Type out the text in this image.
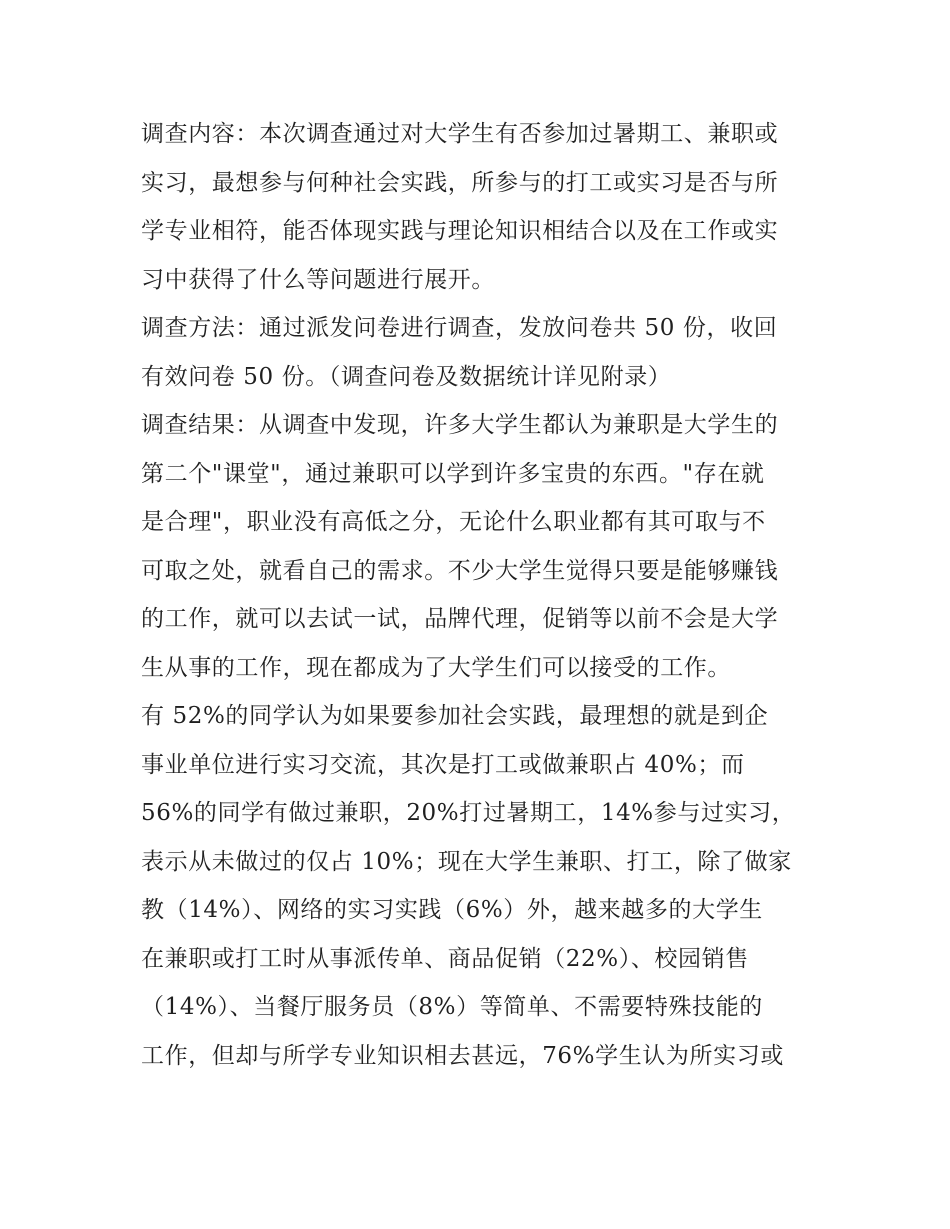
调查内容：本次调查通过对大学生有否参加过暑期工、兼职或
实习，最想参与何种社会实践，所参与的打工或实习是否与所
学专业相符，能否体现实践与理论知识相结合以及在工作或实
习中获得了什么等问题进行展开。
调查方法：通过派发问卷进行调查，发放问卷共 50 份，收回
有效问卷 50 份。（调查问卷及数据统计详见附录）
调查结果：从调查中发现，许多大学生都认为兼职是大学生的
第二个"课堂"，通过兼职可以学到许多宝贵的东西。"存在就
是合理"，职业没有高低之分，无论什么职业都有其可取与不
可取之处，就看自己的需求。不少大学生觉得只要是能够赚钱
的工作，就可以去试一试，品牌代理，促销等以前不会是大学
生从事的工作，现在都成为了大学生们可以接受的工作。
有 52%的同学认为如果要参加社会实践，最理想的就是到企
事业单位进行实习交流，其次是打工或做兼职占 40%；而
56%的同学有做过兼职，20%打过暑期工，14%参与过实习，
表示从未做过的仅占 10%；现在大学生兼职、打工，除了做家
教（14%）、网络的实习实践（6%）外，越来越多的大学生
在兼职或打工时从事派传单、商品促销（22%）、校园销售
（14%）、当餐厅服务员（8%）等简单、不需要特殊技能的
工作，但却与所学专业知识相去甚远，76%学生认为所实习或
